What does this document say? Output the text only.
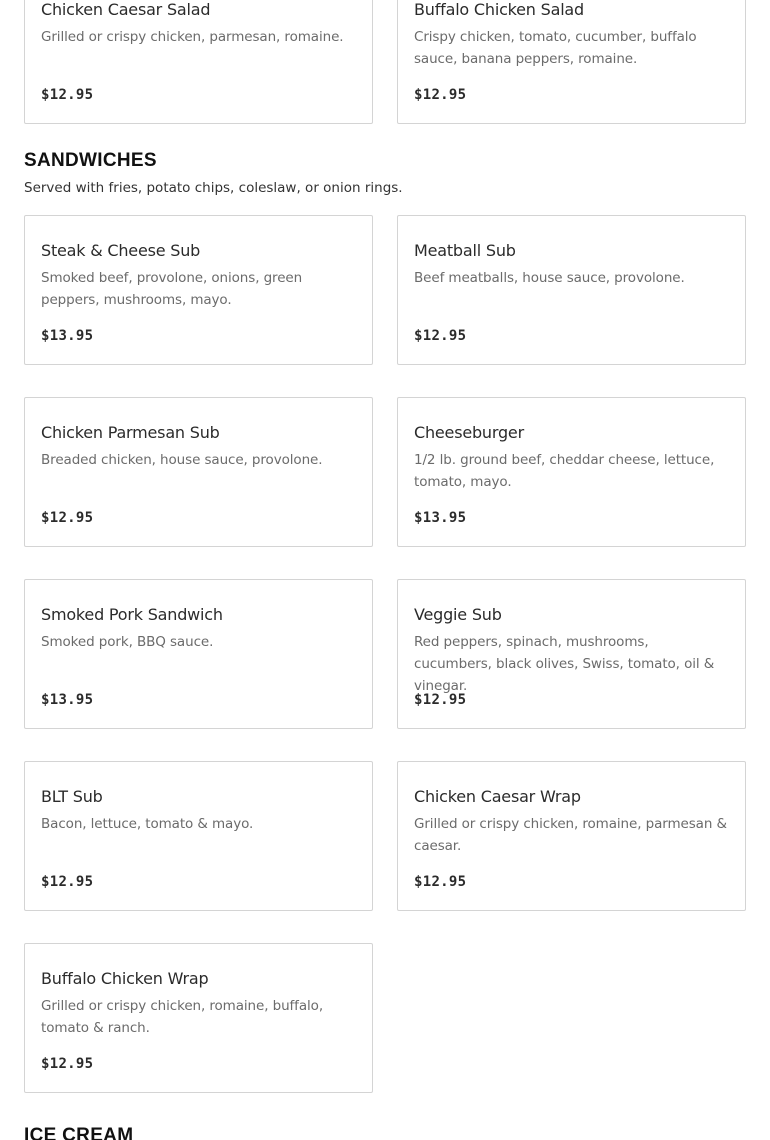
Chicken Caesar Salad
Grilled or crispy chicken, parmesan, romaine.
$12.95
Buffalo Chicken Salad
Crispy chicken, tomato, cucumber, buffalo sauce, banana peppers, romaine.
$12.95
SANDWICHES
Served with fries, potato chips, coleslaw, or onion rings.
Steak & Cheese Sub
Smoked beef, provolone, onions, green peppers, mushrooms, mayo.
$13.95
Meatball Sub
Beef meatballs, house sauce, provolone.
$12.95
Chicken Parmesan Sub
Breaded chicken, house sauce, provolone.
$12.95
Cheeseburger
1/2 lb. ground beef, cheddar cheese, lettuce, tomato, mayo.
$13.95
Smoked Pork Sandwich
Smoked pork, BBQ sauce.
$13.95
Veggie Sub
Red peppers, spinach, mushrooms, cucumbers, black olives, Swiss, tomato, oil & vinegar.
$12.95
BLT Sub
Bacon, lettuce, tomato & mayo.
$12.95
Chicken Caesar Wrap
Grilled or crispy chicken, romaine, parmesan & caesar.
$12.95
Buffalo Chicken Wrap
Grilled or crispy chicken, romaine, buffalo, tomato & ranch.
$12.95
ICE CREAM
